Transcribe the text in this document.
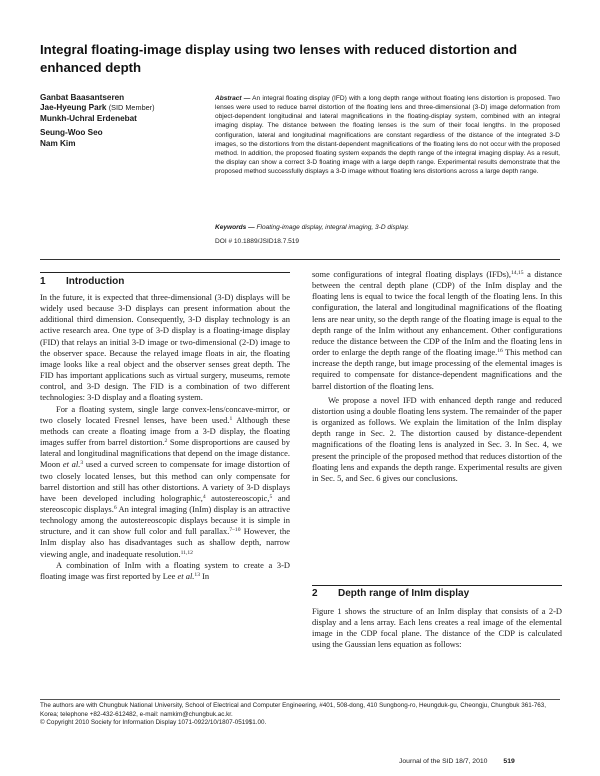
Integral floating-image display using two lenses with reduced distortion and enhanced depth
Ganbat Baasantseren
Jae-Hyeung Park (SID Member)
Munkh-Uchral Erdenebat
Seung-Woo Seo
Nam Kim
Abstract — An integral floating display (IFD) with a long depth range without floating lens distortion is proposed. Two lenses were used to reduce barrel distortion of the floating lens and three-dimensional (3-D) image deformation from object-dependent longitudinal and lateral magnifications in the floating-display system, combined with an integral imaging display. The distance between the floating lenses is the sum of their focal lengths. In the proposed configuration, lateral and longitudinal magnifications are constant regardless of the distance of the integrated 3-D images, so the distortions from the distant-dependent magnifications of the floating lens do not occur with the proposed method. In addition, the proposed floating system expands the depth range of the integral imaging display. As a result, the display can show a correct 3-D floating image with a large depth range. Experimental results demonstrate that the proposed method successfully displays a 3-D image without floating lens distortions across a large depth range.
Keywords — Floating-image display, integral imaging, 3-D display.
DOI # 10.1889/JSID18.7.519
1 Introduction

In the future, it is expected that three-dimensional (3-D) displays will be widely used because 3-D displays can present information about the additional third dimension. Consequently, 3-D display technology is an active research area. One type of 3-D display is a floating-image display (FID) that relays an initial 3-D image or two-dimensional (2-D) image to the observer space. Because the relayed image floats in air, the floating image looks like a real object and the observer senses great depth. The FID has important applications such as virtual surgery, museums, remote control, and 3-D design. The FID is a combination of two different technologies: 3-D display and a floating system.

For a floating system, single large convex-lens/concave-mirror, or two closely located Fresnel lenses, have been used.$^1$ Although these methods can create a floating image from a 3-D display, the floating images suffer from barrel distortion.$^2$ Some disproportions are caused by lateral and longitudinal magnifications that depend on the image distance. Moon et al.$^3$ used a curved screen to compensate for image distortion of two closely located lenses, but this method can only compensate for barrel distortion and still has other distortions. A variety of 3-D displays have been developed including holographic,$^4$ autostereoscopic,$^5$ and stereoscopic displays.$^6$ An integral imaging (InIm) display is an attractive technology among the autostereoscopic displays because it is simple in structure, and it can show full color and full parallax.$^{7-10}$ However, the InIm display also has disadvantages such as shallow depth, narrow viewing angle, and inadequate resolution.$^{11,12}$

A combination of InIm with a floating system to create a 3-D floating image was first reported by Lee et al.$^{13}$ In

some configurations of integral floating displays (IFDs),$^{14,15}$ a distance between the central depth plane (CDP) of the InIm display and the floating lens is equal to twice the focal length of the floating lens. In this configuration, the lateral and longitudinal magnifications of the floating lens are near unity, so the depth range of the floating image is equal to the depth range of the InIm without any enhancement. Other configurations reduce the distance between the CDP of the InIm and the floating lens in order to enlarge the depth range of the floating image.$^{16}$ This method can increase the depth range, but image processing of the elemental images is required to compensate for distance-dependent magnifications and the barrel distortion of the floating lens.

We propose a novel IFD with enhanced depth range and reduced distortion using a double floating lens system. The remainder of the paper is organized as follows. We explain the limitation of the InIm display depth range in Sec. 2. The distortion caused by distance-dependent magnifications of the floating lens is analyzed in Sec. 3. In Sec. 4, we present the principle of the proposed method that reduces distortion of the floating lens and expands the depth range. Experimental results are given in Sec. 5, and Sec. 6 gives our conclusions.

2 Depth range of InIm display

Figure 1 shows the structure of an InIm display that consists of a 2-D display and a lens array. Each lens creates a real image of the elemental image in the CDP focal plane. The distance of the CDP is calculated using the Gaussian lens equation as follows:

The authors are with Chungbuk National University, School of Electrical and Computer Engineering, #401, 508-dong, 410 Sungbong-ro, Heungduk-gu, Cheongju, Chungbuk 361-763, Korea; telephone +82-432-612482, e-mail: namkim@chungbuk.ac.kr.
© Copyright 2010 Society for Information Display 1071-0922/10/1807-0519$1.00.
Journal of the SID 18/7, 2010 519
